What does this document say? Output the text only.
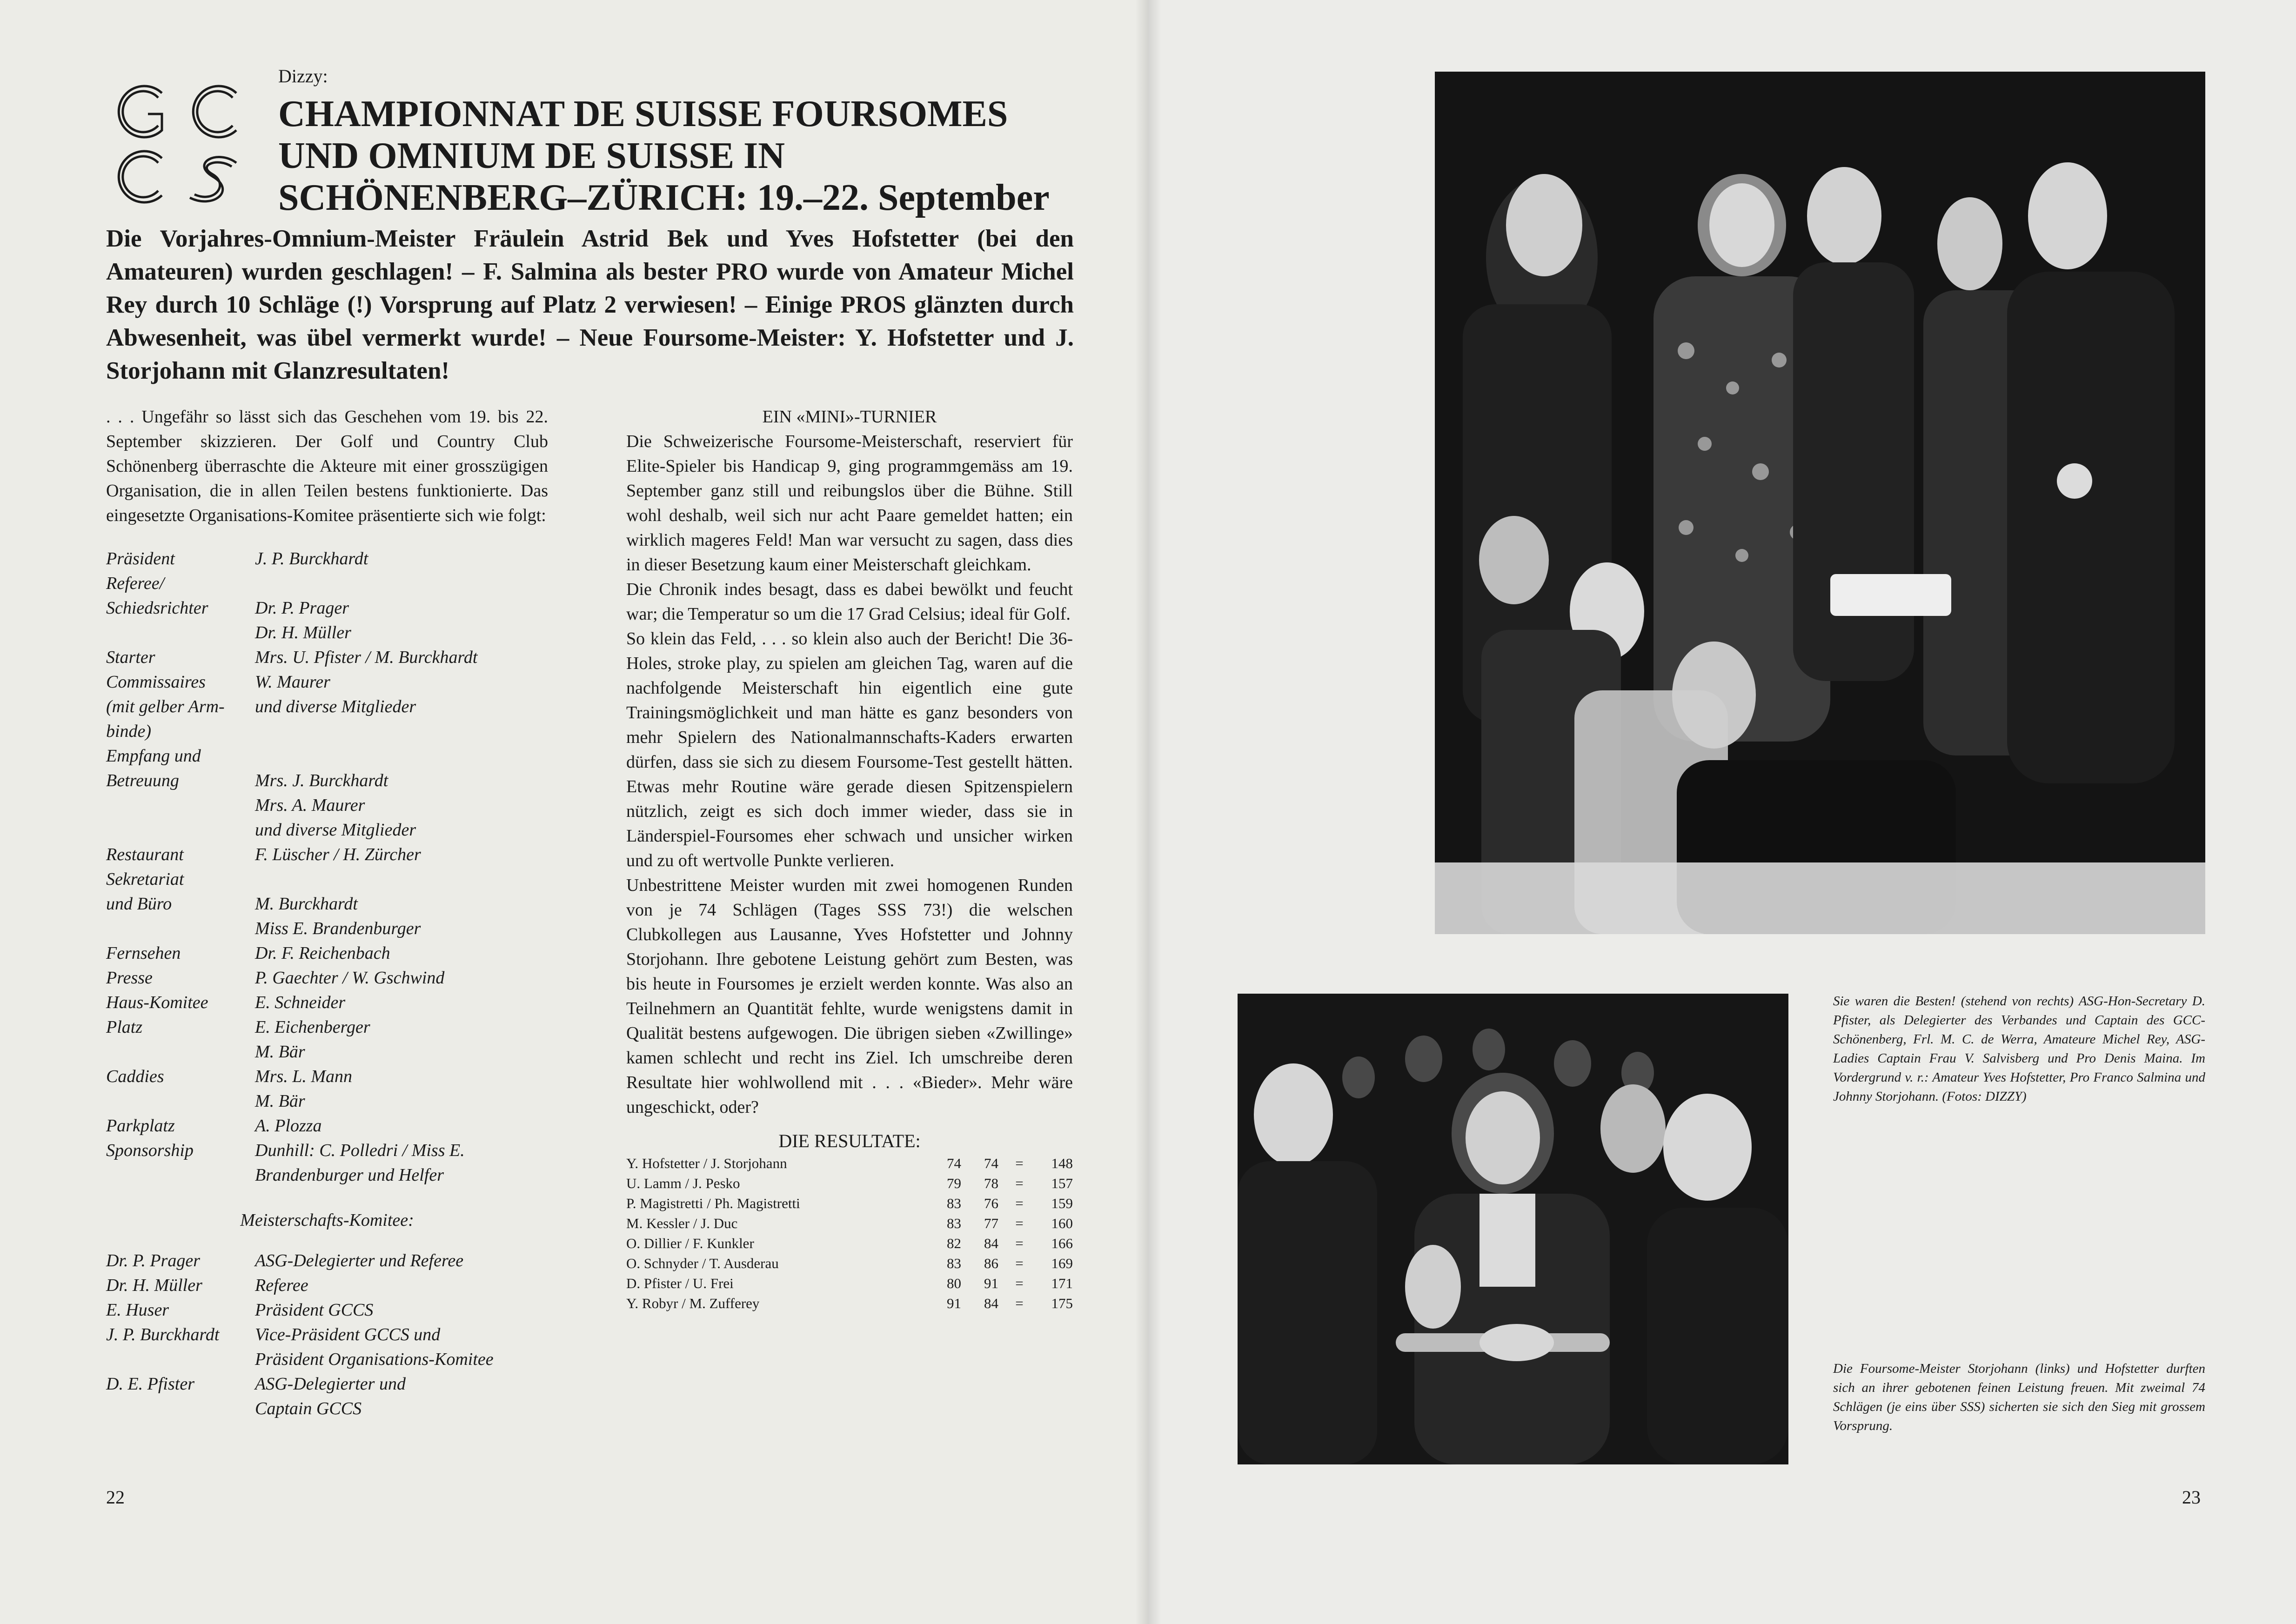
Dizzy:
CHAMPIONNAT DE SUISSE FOURSOMES
UND OMNIUM DE SUISSE IN
SCHÖNENBERG–ZÜRICH: 19.–22. September
Die Vorjahres-Omnium-Meister Fräulein Astrid Bek und Yves Hofstetter (bei den Amateuren) wurden geschlagen! – F. Salmina als bester PRO wurde von Amateur Michel Rey durch 10 Schläge (!) Vorsprung auf Platz 2 verwiesen! – Einige PROS glänzten durch Abwesenheit, was übel vermerkt wurde! – Neue Foursome-Meister: Y. Hofstetter und J. Storjohann mit Glanzresultaten!

. . . Ungefähr so lässt sich das Geschehen vom 19. bis 22. September skizzieren. Der Golf und Country Club Schönenberg überraschte die Akteure mit einer grosszügigen Organisation, die in allen Teilen bestens funktionierte. Das eingesetzte Organisations-Komitee präsentierte sich wie folgt:

Präsident	J. P. Burckhardt
Referee/
Schiedsrichter	Dr. P. Prager
Dr. H. Müller
Starter	Mrs. U. Pfister / M. Burckhardt
Commissaires	W. Maurer
(mit gelber Arm-	und diverse Mitglieder
binde)
Empfang und
Betreuung	Mrs. J. Burckhardt
Mrs. A. Maurer
und diverse Mitglieder
Restaurant	F. Lüscher / H. Zürcher
Sekretariat
und Büro	M. Burckhardt
Miss E. Brandenburger
Fernsehen	Dr. F. Reichenbach
Presse	P. Gaechter / W. Gschwind
Haus-Komitee	E. Schneider
Platz	E. Eichenberger
M. Bär
Caddies	Mrs. L. Mann
M. Bär
Parkplatz	A. Plozza
Sponsorship	Dunhill: C. Polledri / Miss E.
Brandenburger und Helfer
Meisterschafts-Komitee:
Dr. P. Prager	ASG-Delegierter und Referee
Dr. H. Müller	Referee
E. Huser	Präsident GCCS
J. P. Burckhardt	Vice-Präsident GCCS und
Präsident Organisations-Komitee
D. E. Pfister	ASG-Delegierter und
Captain GCCS
EIN «MINI»-TURNIER

Die Schweizerische Foursome-Meisterschaft, reserviert für Elite-Spieler bis Handicap 9, ging programmgemäss am 19. September ganz still und reibungslos über die Bühne. Still wohl deshalb, weil sich nur acht Paare gemeldet hatten; ein wirklich mageres Feld! Man war versucht zu sagen, dass dies in dieser Besetzung kaum einer Meisterschaft gleichkam.

Die Chronik indes besagt, dass es dabei bewölkt und feucht war; die Temperatur so um die 17 Grad Celsius; ideal für Golf.

So klein das Feld, . . . so klein also auch der Bericht! Die 36-Holes, stroke play, zu spielen am gleichen Tag, waren auf die nachfolgende Meisterschaft hin eigentlich eine gute Trainingsmöglichkeit und man hätte es ganz besonders von mehr Spielern des Nationalmannschafts-Kaders erwarten dürfen, dass sie sich zu diesem Foursome-Test gestellt hätten. Etwas mehr Routine wäre gerade diesen Spitzenspielern nützlich, zeigt es sich doch immer wieder, dass sie in Länderspiel-Foursomes eher schwach und unsicher wirken und zu oft wertvolle Punkte verlieren.

Unbestrittene Meister wurden mit zwei homogenen Runden von je 74 Schlägen (Tages SSS 73!) die welschen Clubkollegen aus Lausanne, Yves Hofstetter und Johnny Storjohann. Ihre gebotene Leistung gehört zum Besten, was bis heute in Foursomes je erzielt werden konnte. Was also an Teilnehmern an Quantität fehlte, wurde wenigstens damit in Qualität bestens aufgewogen. Die übrigen sieben «Zwillinge» kamen schlecht und recht ins Ziel. Ich umschreibe deren Resultate hier wohlwollend mit . . . «Bieder». Mehr wäre ungeschickt, oder?

DIE RESULTATE:
Y. Hofstetter / J. Storjohann	74	74	=	148
U. Lamm / J. Pesko	79	78	=	157
P. Magistretti / Ph. Magistretti	83	76	=	159
M. Kessler / J. Duc	83	77	=	160
O. Dillier / F. Kunkler	82	84	=	166
O. Schnyder / T. Ausderau	83	86	=	169
D. Pfister / U. Frei	80	91	=	171
Y. Robyr / M. Zufferey	91	84	=	175
22
Sie waren die Besten! (stehend von rechts) ASG-Hon-Secretary D. Pfister, als Delegierter des Verbandes und Captain des GCC-Schönenberg, Frl. M. C. de Werra, Amateure Michel Rey, ASG-Ladies Captain Frau V. Salvisberg und Pro Denis Maina. Im Vordergrund v. r.: Amateur Yves Hofstetter, Pro Franco Salmina und Johnny Storjohann. (Fotos: DIZZY)
Die Foursome-Meister Storjohann (links) und Hofstetter durften sich an ihrer gebotenen feinen Leistung freuen. Mit zweimal 74 Schlägen (je eins über SSS) sicherten sie sich den Sieg mit grossem Vorsprung.
23
